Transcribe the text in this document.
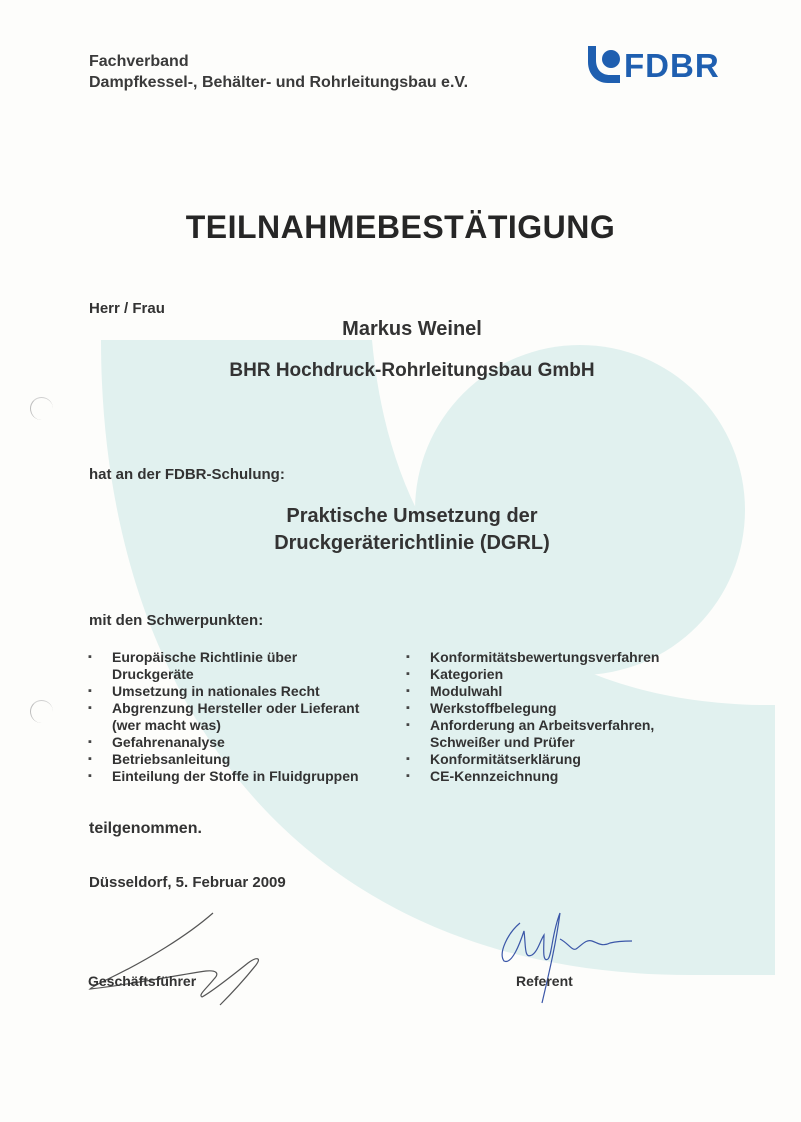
Fachverband
Dampfkessel-, Behälter- und Rohrleitungsbau e.V.	FDBR
TEILNAHMEBESTÄTIGUNG
Herr / Frau
Markus Weinel
BHR Hochdruck-Rohrleitungsbau GmbH
hat an der FDBR-Schulung:
Praktische Umsetzung der
Druckgeräterichtlinie (DGRL)
mit den Schwerpunkten:
▪ Europäische Richtlinie über
Druckgeräte
▪ Umsetzung in nationales Recht
▪ Abgrenzung Hersteller oder Lieferant
(wer macht was)
▪ Gefahrenanalyse
▪ Betriebsanleitung
▪ Einteilung der Stoffe in Fluidgruppen
▪ Konformitätsbewertungsverfahren
▪ Kategorien
▪ Modulwahl
▪ Werkstoffbelegung
▪ Anforderung an Arbeitsverfahren,
Schweißer und Prüfer
▪ Konformitätserklärung
▪ CE-Kennzeichnung
teilgenommen.
Düsseldorf, 5. Februar 2009
Geschäftsführer	Referent
